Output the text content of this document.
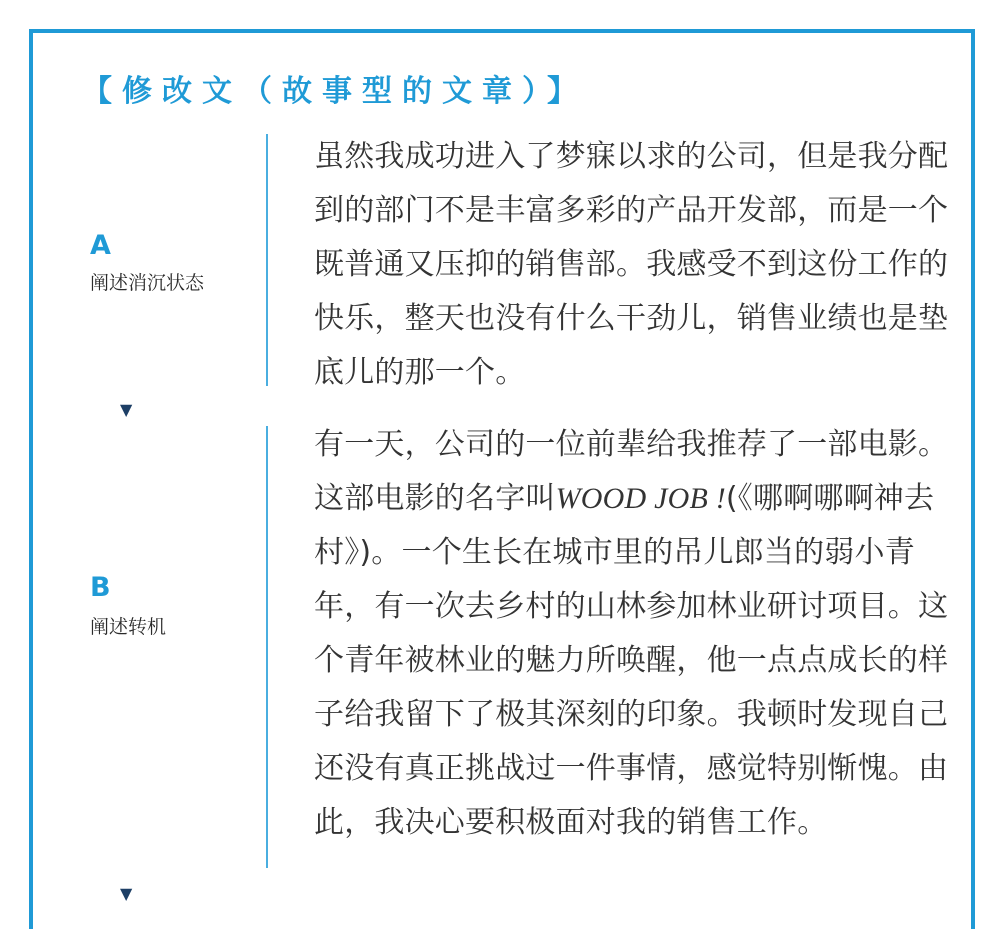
【修改文（故事型的文章）】
A
阐述消沉状态
虽然我成功进入了梦寐以求的公司，但是我分配到的部门不是丰富多彩的产品开发部，而是一个既普通又压抑的销售部。我感受不到这份工作的快乐，整天也没有什么干劲儿，销售业绩也是垫底儿的那一个。
▼
B
阐述转机
有一天，公司的一位前辈给我推荐了一部电影。这部电影的名字叫WOOD JOB !(《哪啊哪啊神去村》)。一个生长在城市里的吊儿郎当的弱小青年，有一次去乡村的山林参加林业研讨项目。这个青年被林业的魅力所唤醒，他一点点成长的样子给我留下了极其深刻的印象。我顿时发现自己还没有真正挑战过一件事情，感觉特别惭愧。由此，我决心要积极面对我的销售工作。
▼
